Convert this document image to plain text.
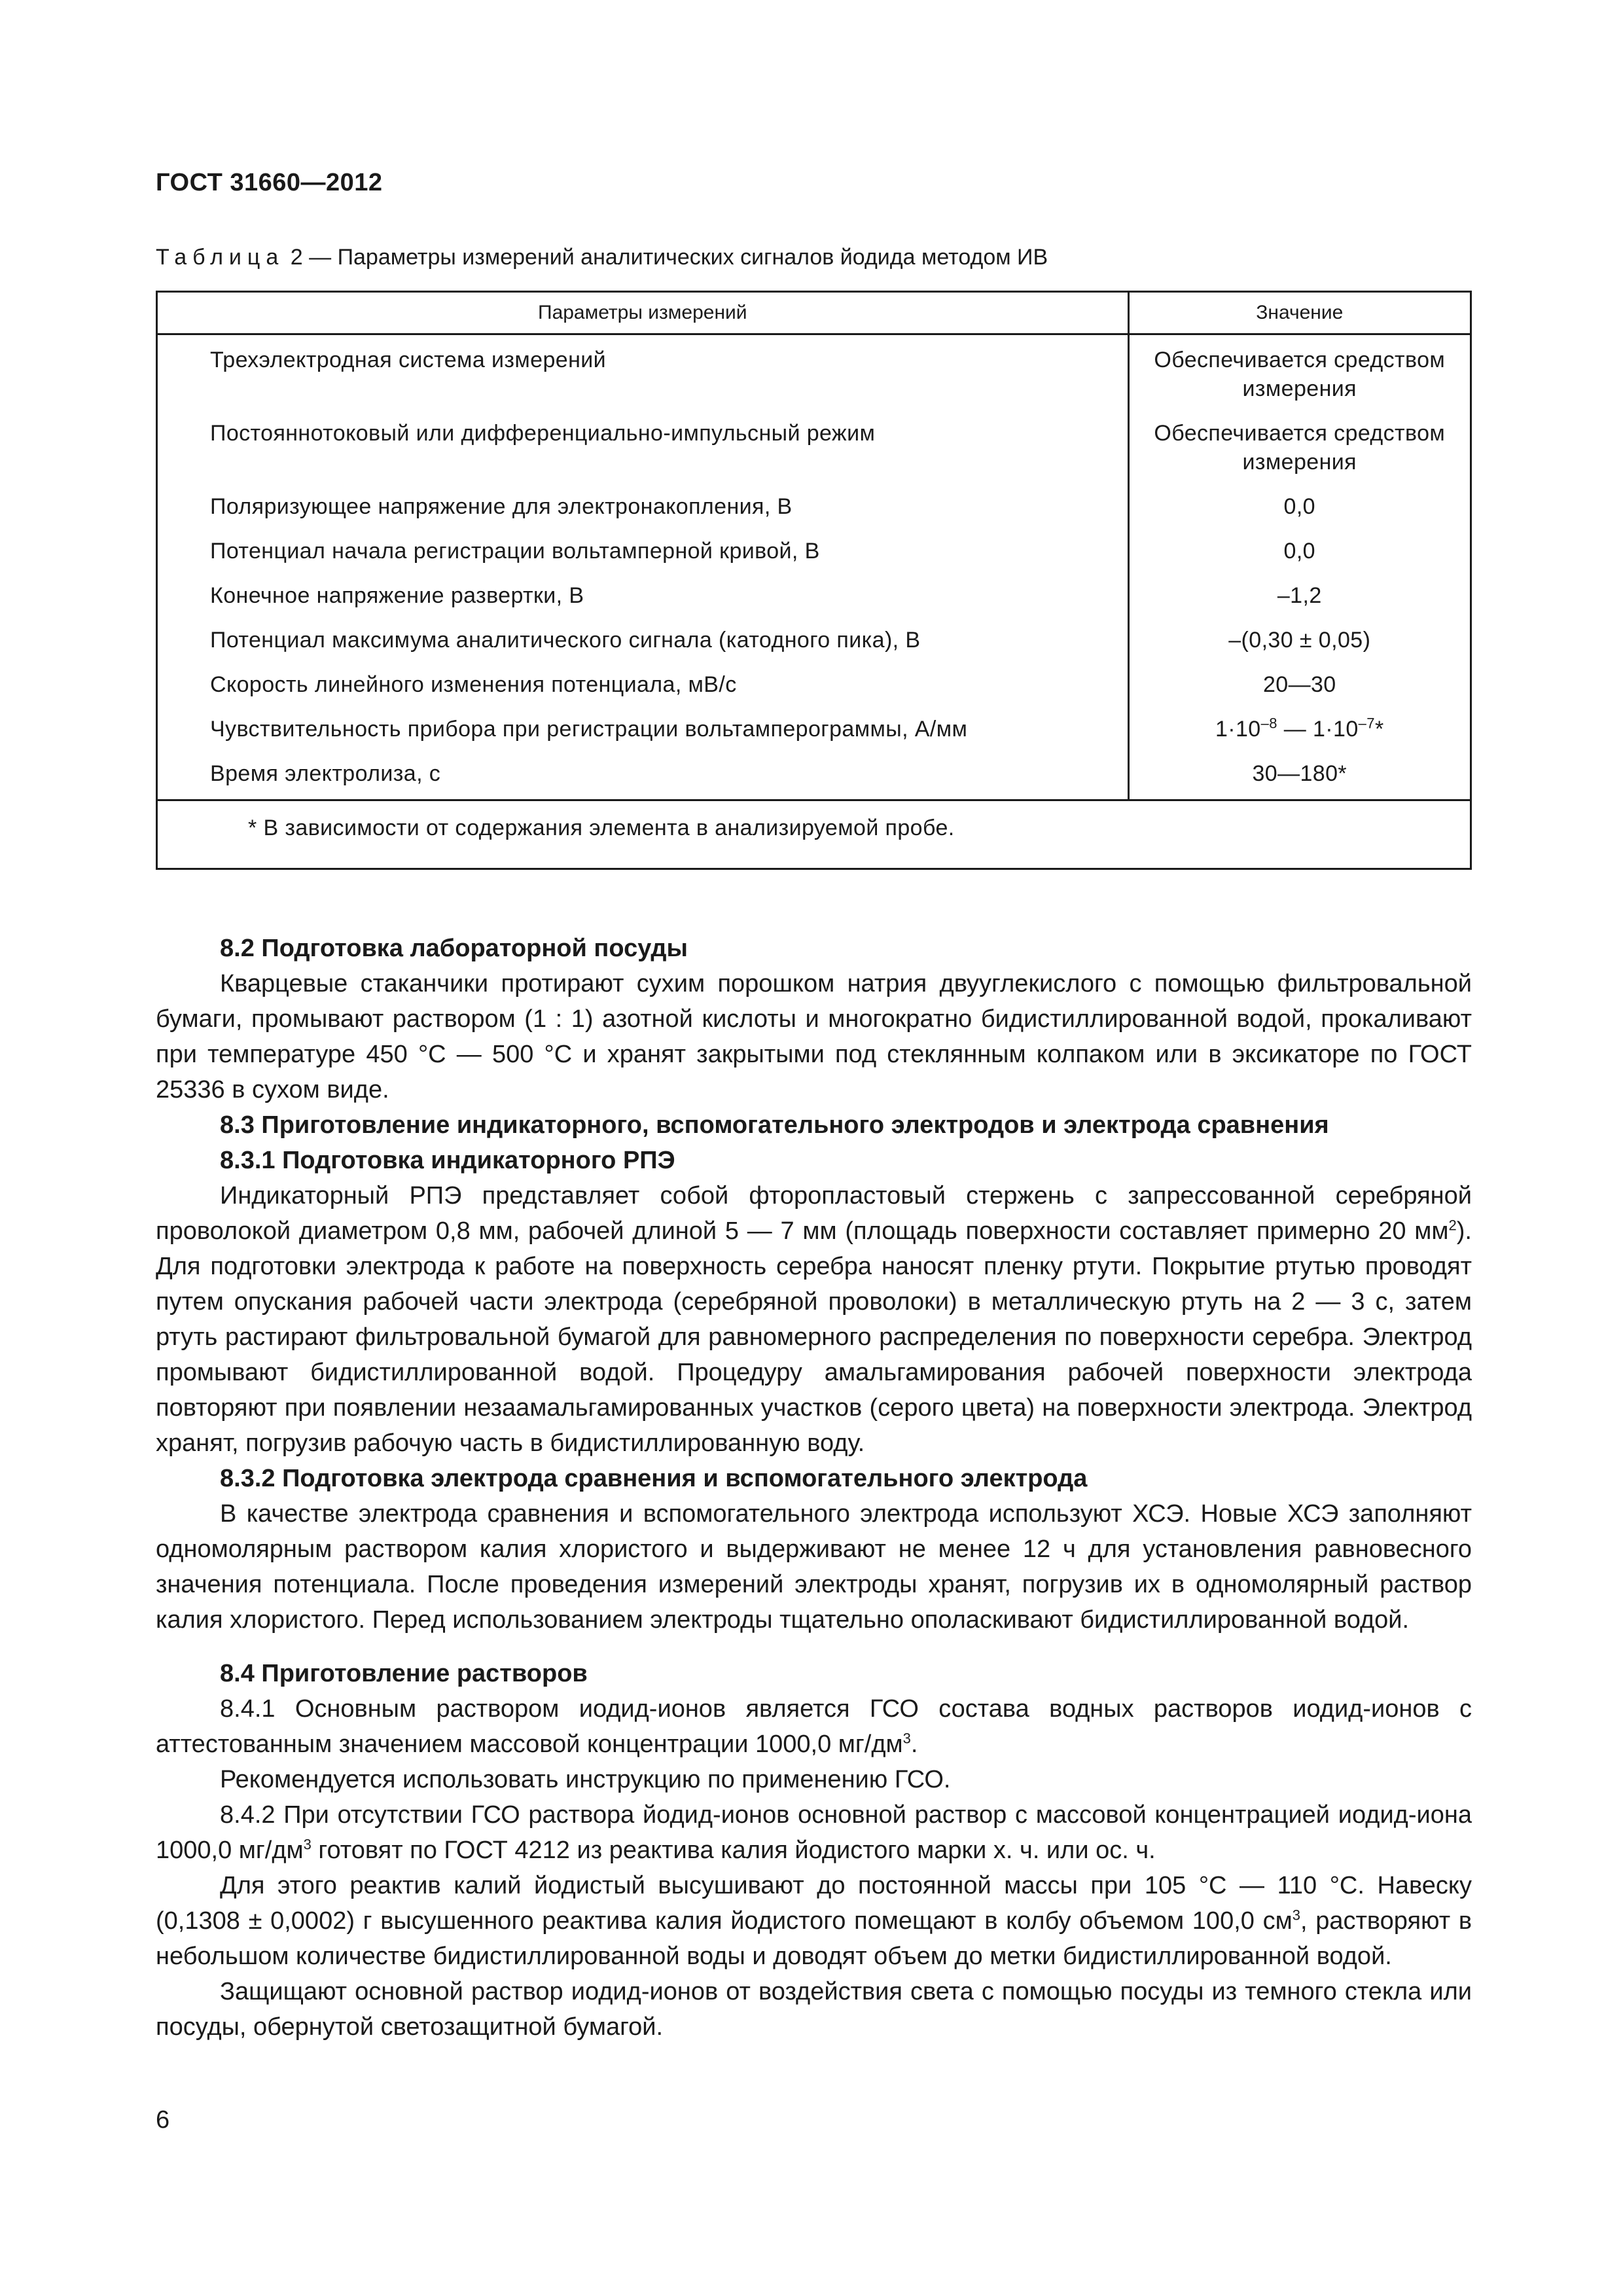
ГОСТ 31660—2012
Таблица 2 — Параметры измерений аналитических сигналов йодида методом ИВ
Параметры измерений	Значение

Трехэлектродная система измерений	Обеспечивается средством измерения
Постояннотоковый или дифференциально-импульсный режим	Обеспечивается средством измерения
Поляризующее напряжение для электронакопления, В	0,0
Потенциал начала регистрации вольтамперной кривой, В	0,0
Конечное напряжение развертки, В	–1,2
Потенциал максимума аналитического сигнала (катодного пика), В	–(0,30 ± 0,05)
Скорость линейного изменения потенциала, мВ/с	20—30
Чувствительность прибора при регистрации вольтамперограммы, А/мм	$1\cdot 10^{-8}$ — $1\cdot 10^{-7}*$
Время электролиза, с	30—180*
* В зависимости от содержания элемента в анализируемой пробе.	
8.2 Подготовка лабораторной посуды
Кварцевые стаканчики протирают сухим порошком натрия двууглекислого с помощью фильтровальной бумаги, промывают раствором (1 : 1) азотной кислоты и многократно бидистиллированной водой, прокаливают при температуре 450 °С — 500 °С и хранят закрытыми под стеклянным колпаком или в эксикаторе по ГОСТ 25336 в сухом виде.
8.3 Приготовление индикаторного, вспомогательного электродов и электрода сравнения
8.3.1 Подготовка индикаторного РПЭ
Индикаторный РПЭ представляет собой фторопластовый стержень с запрессованной серебряной проволокой диаметром 0,8 мм, рабочей длиной 5 — 7 мм (площадь поверхности составляет примерно 20 $мм^2$). Для подготовки электрода к работе на поверхность серебра наносят пленку ртути. Покрытие ртутью проводят путем опускания рабочей части электрода (серебряной проволоки) в металлическую ртуть на 2 — 3 с, затем ртуть растирают фильтровальной бумагой для равномерного распределения по поверхности серебра. Электрод промывают бидистиллированной водой. Процедуру амальгамирования рабочей поверхности электрода повторяют при появлении незаамальгамированных участков (серого цвета) на поверхности электрода. Электрод хранят, погрузив рабочую часть в бидистиллированную воду.
8.3.2 Подготовка электрода сравнения и вспомогательного электрода
В качестве электрода сравнения и вспомогательного электрода используют ХСЭ. Новые ХСЭ заполняют одномолярным раствором калия хлористого и выдерживают не менее 12 ч для установления равновесного значения потенциала. После проведения измерений электроды хранят, погрузив их в одномолярный раствор калия хлористого. Перед использованием электроды тщательно ополаскивают бидистиллированной водой.
8.4 Приготовление растворов
8.4.1 Основным раствором иодид-ионов является ГСО состава водных растворов иодид-ионов с аттестованным значением массовой концентрации 1000,0 $мг/дм^3$.
Рекомендуется использовать инструкцию по применению ГСО.
8.4.2 При отсутствии ГСО раствора йодид-ионов основной раствор с массовой концентрацией иодид-иона 1000,0 $мг/дм^3$ готовят по ГОСТ 4212 из реактива калия йодистого марки х. ч. или ос. ч.
Для этого реактив калий йодистый высушивают до постоянной массы при 105 °С — 110 °С. Навеску (0,1308 ± 0,0002) г высушенного реактива калия йодистого помещают в колбу объемом 100,0 $см^3$, растворяют в небольшом количестве бидистиллированной воды и доводят объем до метки бидистиллированной водой.
Защищают основной раствор иодид-ионов от воздействия света с помощью посуды из темного стекла или посуды, обернутой светозащитной бумагой.
6
